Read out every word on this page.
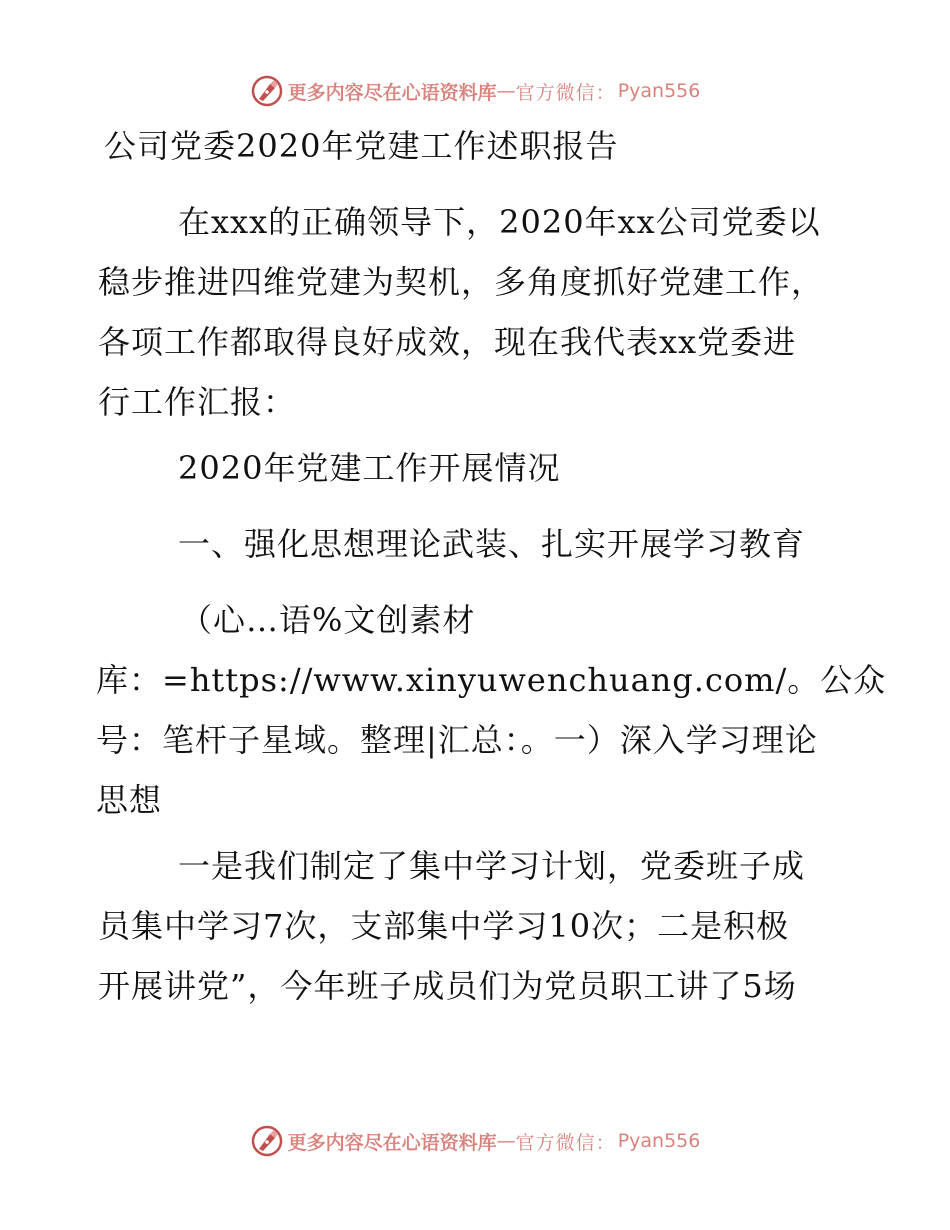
更多内容尽在心语资料库 — 官方微信： Pyan556

公司党委2020年党建工作述职报告

在xxx的正确领导下，2020年xx公司党委以
稳步推进四维党建为契机，多角度抓好党建工作，
各项工作都取得良好成效，现在我代表xx党委进
行工作汇报：

2020年党建工作开展情况

一、强化思想理论武装、扎实开展学习教育

（心…语%文创素材
库：=https://www.xinyuwenchuang.com/。公众
号：笔杆子星域。整理|汇总：。一）深入学习理论
思想
一是我们制定了集中学习计划，党委班子成
员集中学习7次，支部集中学习10次；二是积极
开展讲党”，今年班子成员们为党员职工讲了5场
更多内容尽在心语资料库 — 官方微信： Pyan556
